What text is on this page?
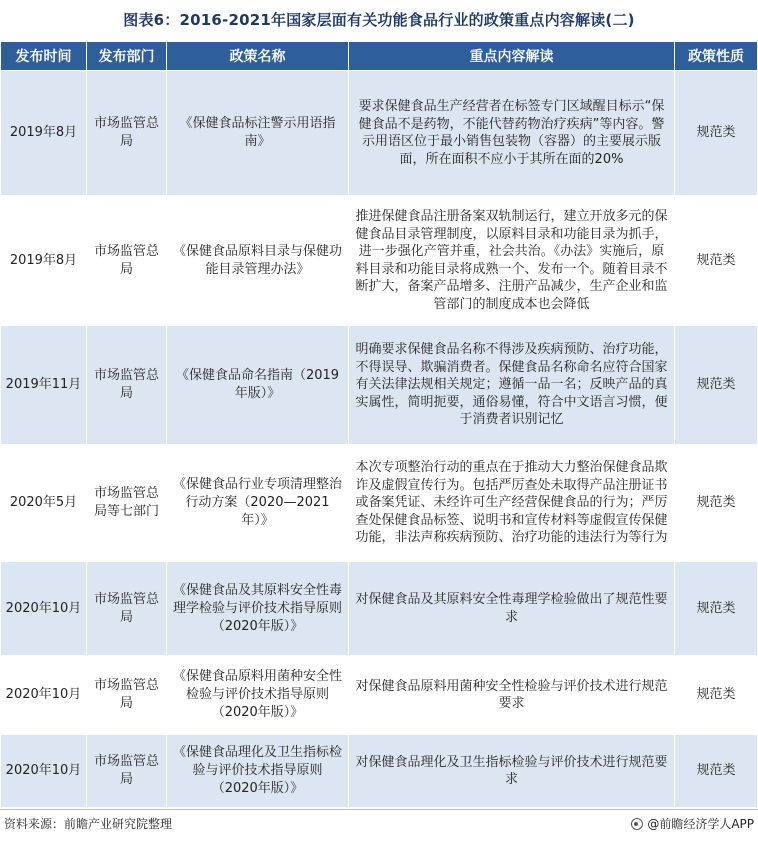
图表6：2016-2021年国家层面有关功能食品行业的政策重点内容解读(二)
发布时间	发布部门	政策名称	重点内容解读	政策性质
2019年8月	市场监管总局	《保健食品标注警示用语指南》	要求保健食品生产经营者在标签专门区域醒目标示“保健食品不是药物，不能代替药物治疗疾病”等内容。警示用语区位于最小销售包装物（容器）的主要展示版面，所在面积不应小于其所在面的20%	规范类
2019年8月	市场监管总局	《保健食品原料目录与保健功能目录管理办法》	推进保健食品注册备案双轨制运行，建立开放多元的保健食品目录管理制度，以原料目录和功能目录为抓手，进一步强化产管并重，社会共治。《办法》实施后，原料目录和功能目录将成熟一个、发布一个。随着目录不断扩大，备案产品增多、注册产品减少，生产企业和监管部门的制度成本也会降低	规范类
2019年11月	市场监管总局	《保健食品命名指南（2019年版）》	明确要求保健食品名称不得涉及疾病预防、治疗功能，不得误导、欺骗消费者。保健食品名称命名应符合国家有关法律法规相关规定；遵循一品一名；反映产品的真实属性，简明扼要，通俗易懂，符合中文语言习惯，便于消费者识别记忆	规范类
2020年5月	市场监管总局等七部门	《保健食品行业专项清理整治行动方案（2020—2021年）》	本次专项整治行动的重点在于推动大力整治保健食品欺诈及虚假宣传行为。包括严厉查处未取得产品注册证书或备案凭证、未经许可生产经营保健食品的行为；严厉查处保健食品标签、说明书和宣传材料等虚假宣传保健功能，非法声称疾病预防、治疗功能的违法行为等行为	规范类
2020年10月	市场监管总局	《保健食品及其原料安全性毒理学检验与评价技术指导原则（2020年版）》	对保健食品及其原料安全性毒理学检验做出了规范性要求	规范类
2020年10月	市场监管总局	《保健食品原料用菌种安全性检验与评价技术指导原则（2020年版）》	对保健食品原料用菌种安全性检验与评价技术进行规范要求	规范类
2020年10月	市场监管总局	《保健食品理化及卫生指标检验与评价技术指导原则（2020年版）》	对保健食品理化及卫生指标检验与评价技术进行规范要求	规范类
资料来源：前瞻产业研究院整理	@前瞻经济学人APP
